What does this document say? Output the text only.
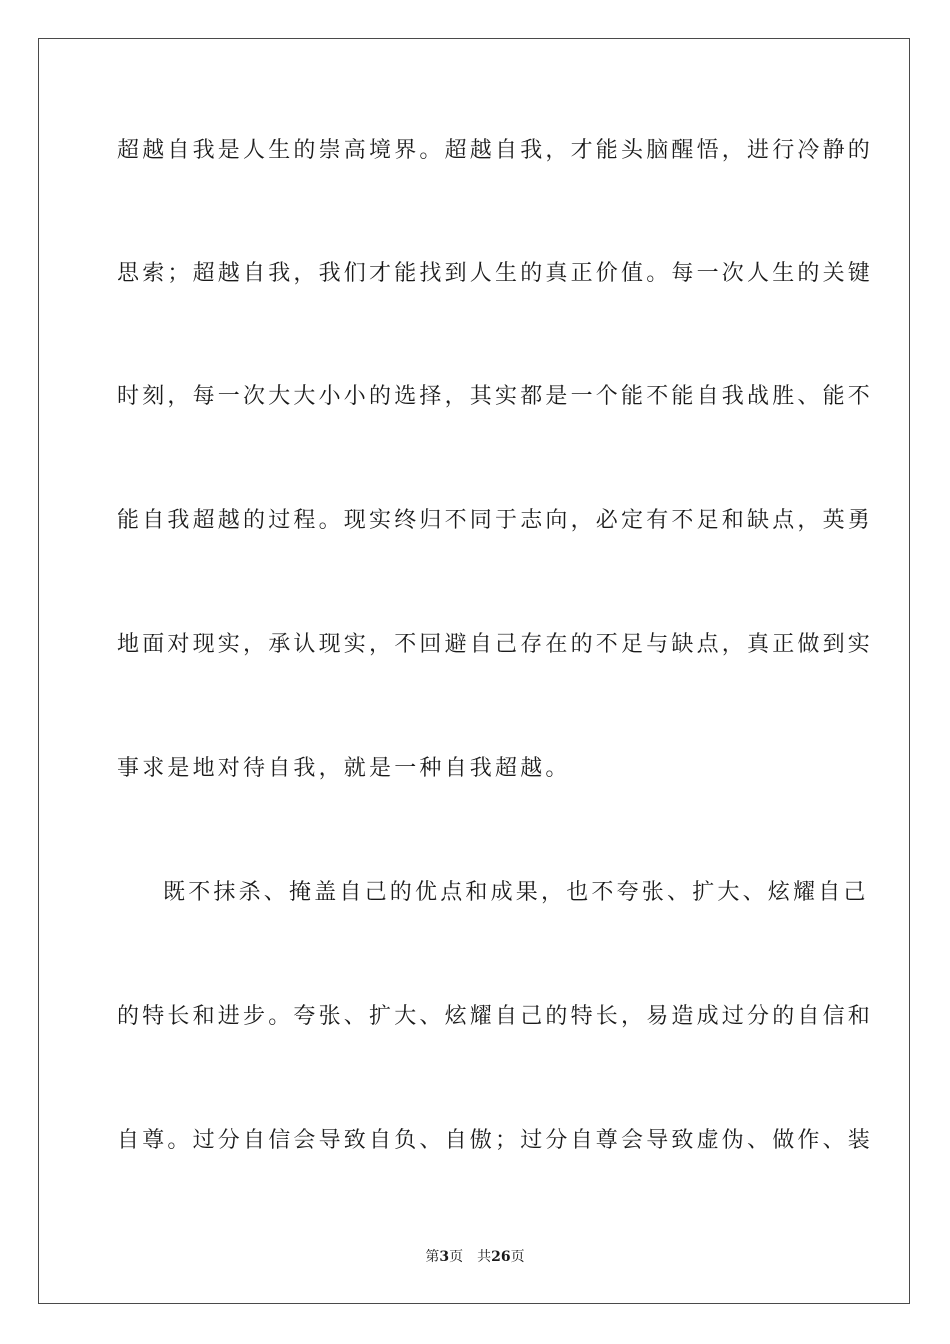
超越自我是人生的崇高境界。超越自我，才能头脑醒悟，进行冷静的
思索；超越自我，我们才能找到人生的真正价值。每一次人生的关键
时刻，每一次大大小小的选择，其实都是一个能不能自我战胜、能不
能自我超越的过程。现实终归不同于志向，必定有不足和缺点，英勇
地面对现实，承认现实，不回避自己存在的不足与缺点，真正做到实
事求是地对待自我，就是一种自我超越。
既不抹杀、掩盖自己的优点和成果，也不夸张、扩大、炫耀自己
的特长和进步。夸张、扩大、炫耀自己的特长，易造成过分的自信和
自尊。过分自信会导致自负、自傲；过分自尊会导致虚伪、做作、装
第3页 共26页
